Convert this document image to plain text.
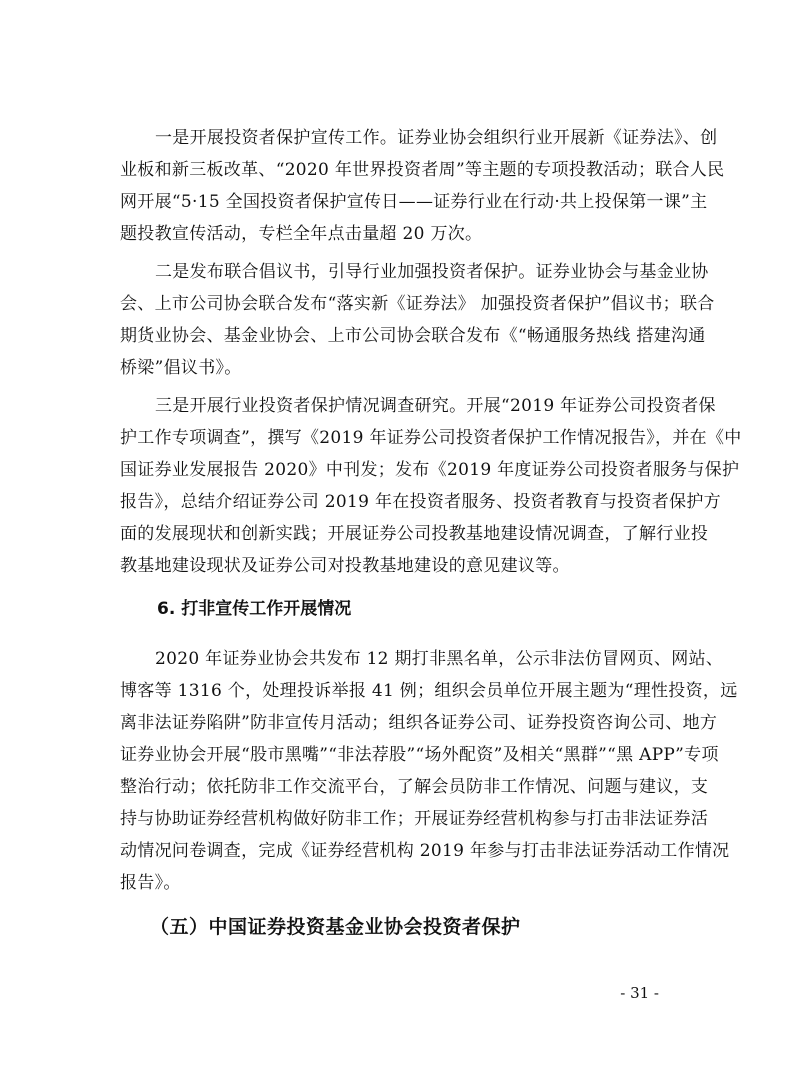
一是开展投资者保护宣传工作。证券业协会组织行业开展新《证券法》、创
业板和新三板改革、“2020 年世界投资者周”等主题的专项投教活动；联合人民
网开展“5·15 全国投资者保护宣传日——证券行业在行动·共上投保第一课”主
题投教宣传活动，专栏全年点击量超 20 万次。
二是发布联合倡议书，引导行业加强投资者保护。证券业协会与基金业协
会、上市公司协会联合发布“落实新《证券法》 加强投资者保护”倡议书；联合
期货业协会、基金业协会、上市公司协会联合发布《“畅通服务热线 搭建沟通
桥梁”倡议书》。
三是开展行业投资者保护情况调查研究。开展“2019 年证券公司投资者保
护工作专项调查”，撰写《2019 年证券公司投资者保护工作情况报告》，并在《中
国证券业发展报告 2020》中刊发；发布《2019 年度证券公司投资者服务与保护
报告》，总结介绍证券公司 2019 年在投资者服务、投资者教育与投资者保护方
面的发展现状和创新实践；开展证券公司投教基地建设情况调查，了解行业投
教基地建设现状及证券公司对投教基地建设的意见建议等。
6. 打非宣传工作开展情况
2020 年证券业协会共发布 12 期打非黑名单，公示非法仿冒网页、网站、
博客等 1316 个，处理投诉举报 41 例；组织会员单位开展主题为“理性投资，远
离非法证券陷阱”防非宣传月活动；组织各证券公司、证券投资咨询公司、地方
证券业协会开展“股市黑嘴”“非法荐股”“场外配资”及相关“黑群”“黑 APP”专项
整治行动；依托防非工作交流平台，了解会员防非工作情况、问题与建议，支
持与协助证券经营机构做好防非工作；开展证券经营机构参与打击非法证券活
动情况问卷调查，完成《证券经营机构 2019 年参与打击非法证券活动工作情况
报告》。
（五）中国证券投资基金业协会投资者保护
- 31 -
